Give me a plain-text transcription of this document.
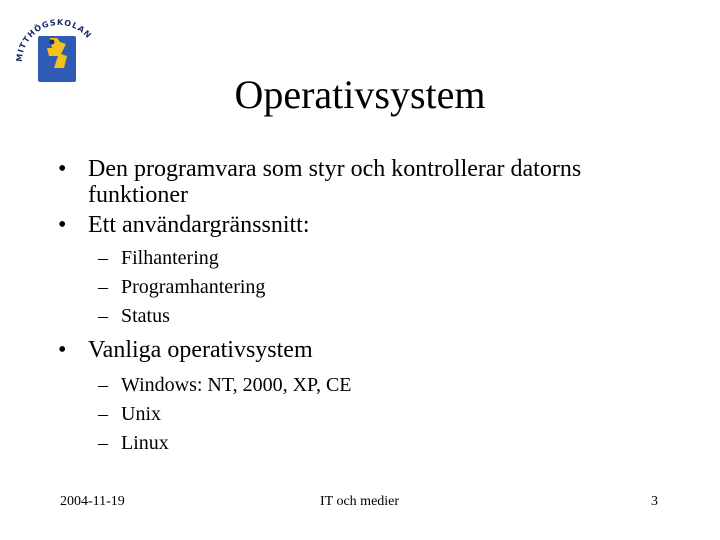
MITTHÖGSKOLAN
Operativsystem
• Den programvara som styr och kontrollerar datorns funktioner
• Ett användargränssnitt:
– Filhantering
– Programhantering
– Status
• Vanliga operativsystem
– Windows: NT, 2000, XP, CE
– Unix
– Linux
2004-11-19	IT och medier	3
